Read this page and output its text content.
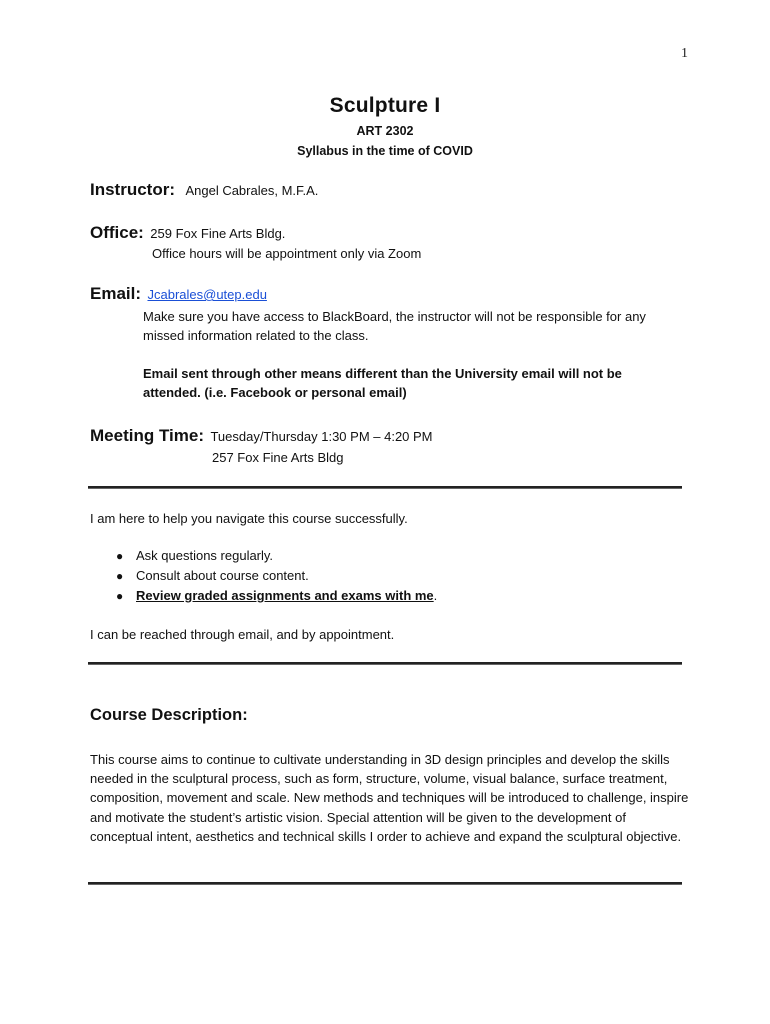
1
Sculpture I
ART 2302
Syllabus in the time of COVID
Instructor: Angel Cabrales, M.F.A.
Office: 259 Fox Fine Arts Bldg.
Office hours will be appointment only via Zoom
Email: Jcabrales@utep.edu
Make sure you have access to BlackBoard, the instructor will not be responsible for any missed information related to the class.
Email sent through other means different than the University email will not be attended. (i.e. Facebook or personal email)
Meeting Time: Tuesday/Thursday 1:30 PM – 4:20 PM
257 Fox Fine Arts Bldg
I am here to help you navigate this course successfully.
● Ask questions regularly.
● Consult about course content.
● Review graded assignments and exams with me.
I can be reached through email, and by appointment.
Course Description:
This course aims to continue to cultivate understanding in 3D design principles and develop the skills needed in the sculptural process, such as form, structure, volume, visual balance, surface treatment, composition, movement and scale. New methods and techniques will be introduced to challenge, inspire and motivate the student’s artistic vision. Special attention will be given to the development of conceptual intent, aesthetics and technical skills I order to achieve and expand the sculptural objective.
